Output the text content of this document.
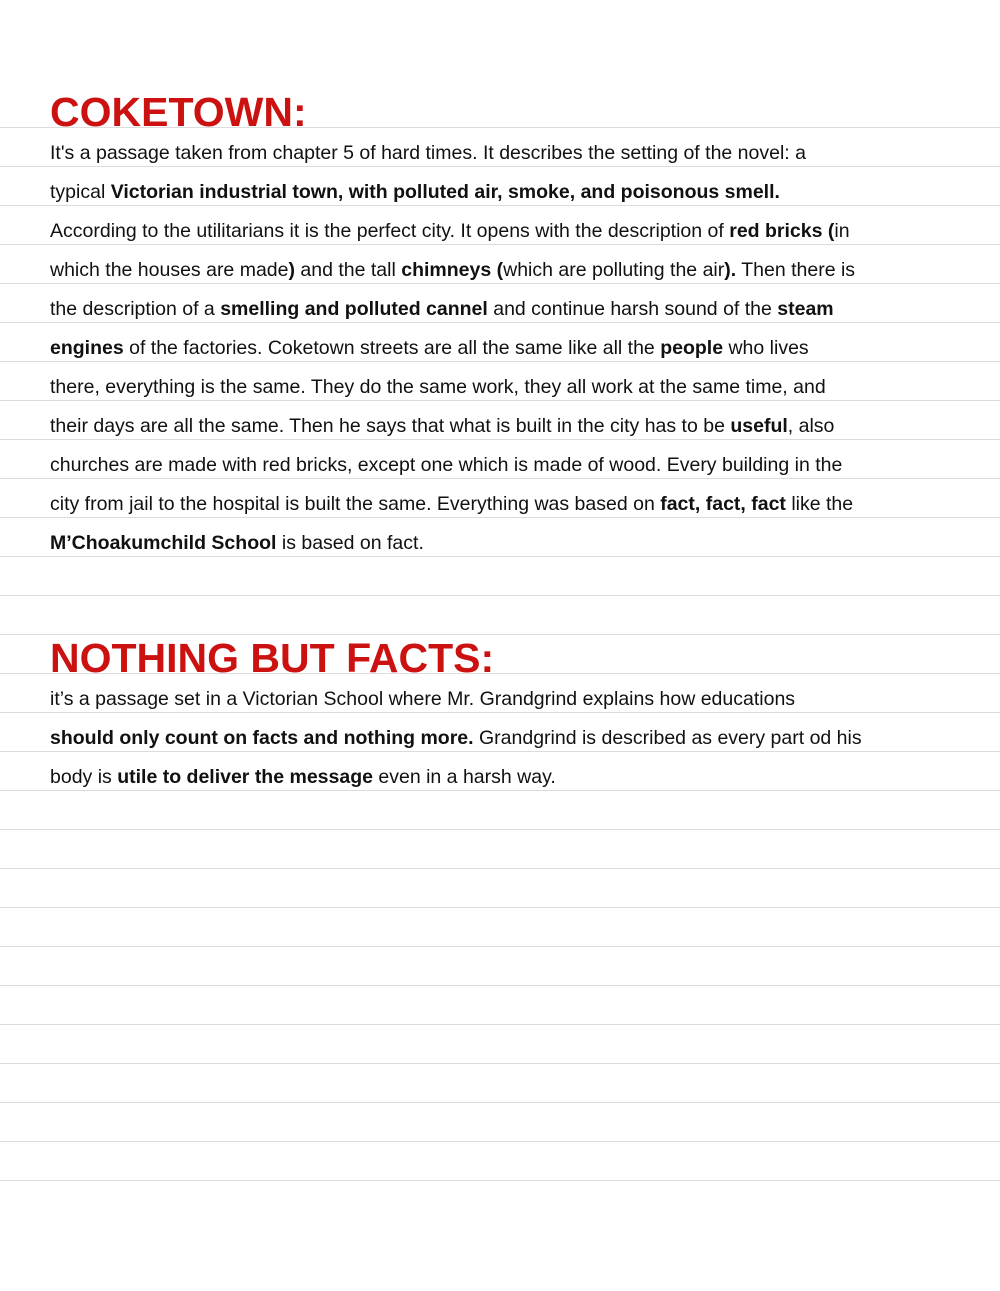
COKETOWN:

It's a passage taken from chapter 5 of hard times. It describes the setting of the novel: a
typical Victorian industrial town, with polluted air, smoke, and poisonous smell.
According to the utilitarians it is the perfect city. It opens with the description of red bricks (in
which the houses are made) and the tall chimneys (which are polluting the air). Then there is
the description of a smelling and polluted cannel and continue harsh sound of the steam
engines of the factories. Coketown streets are all the same like all the people who lives
there, everything is the same. They do the same work, they all work at the same time, and
their days are all the same. Then he says that what is built in the city has to be useful, also
churches are made with red bricks, except one which is made of wood. Every building in the
city from jail to the hospital is built the same. Everything was based on fact, fact, fact like the
M’Choakumchild School is based on fact.

NOTHING BUT FACTS:

it’s a passage set in a Victorian School where Mr. Grandgrind explains how educations
should only count on facts and nothing more. Grandgrind is described as every part od his
body is utile to deliver the message even in a harsh way.
